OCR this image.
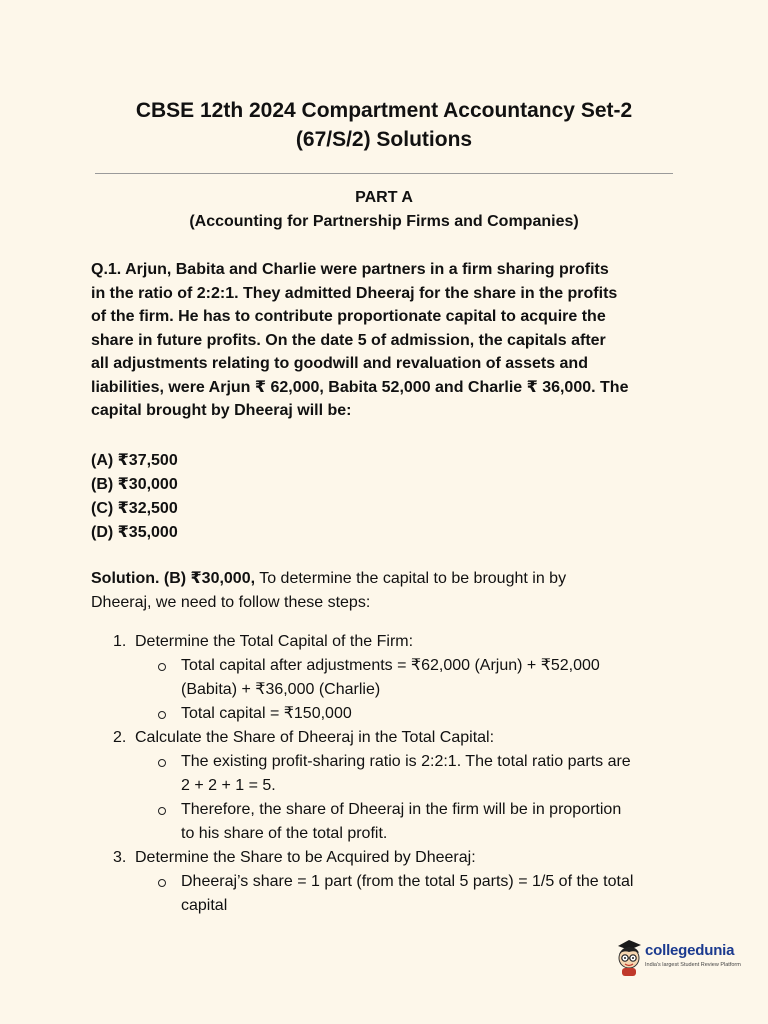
CBSE 12th 2024 Compartment Accountancy Set-2
(67/S/2) Solutions
PART A
(Accounting for Partnership Firms and Companies)
Q.1. Arjun, Babita and Charlie were partners in a firm sharing profits
in the ratio of 2:2:1. They admitted Dheeraj for the share in the profits
of the firm. He has to contribute proportionate capital to acquire the
share in future profits. On the date 5 of admission, the capitals after
all adjustments relating to goodwill and revaluation of assets and
liabilities, were Arjun ₹ 62,000, Babita 52,000 and Charlie ₹ 36,000. The
capital brought by Dheeraj will be:
(A) ₹37,500
(B) ₹30,000
(C) ₹32,500
(D) ₹35,000
Solution. (B) ₹30,000, To determine the capital to be brought in by
Dheeraj, we need to follow these steps:
1. Determine the Total Capital of the Firm:
Total capital after adjustments = ₹62,000 (Arjun) + ₹52,000
(Babita) + ₹36,000 (Charlie)
Total capital = ₹150,000
2. Calculate the Share of Dheeraj in the Total Capital:
The existing profit-sharing ratio is 2:2:1. The total ratio parts are
2 + 2 + 1 = 5.
Therefore, the share of Dheeraj in the firm will be in proportion
to his share of the total profit.
3. Determine the Share to be Acquired by Dheeraj:
Dheeraj’s share = 1 part (from the total 5 parts) = 1/5 of the total
capital
collegedunia
India's largest Student Review Platform
